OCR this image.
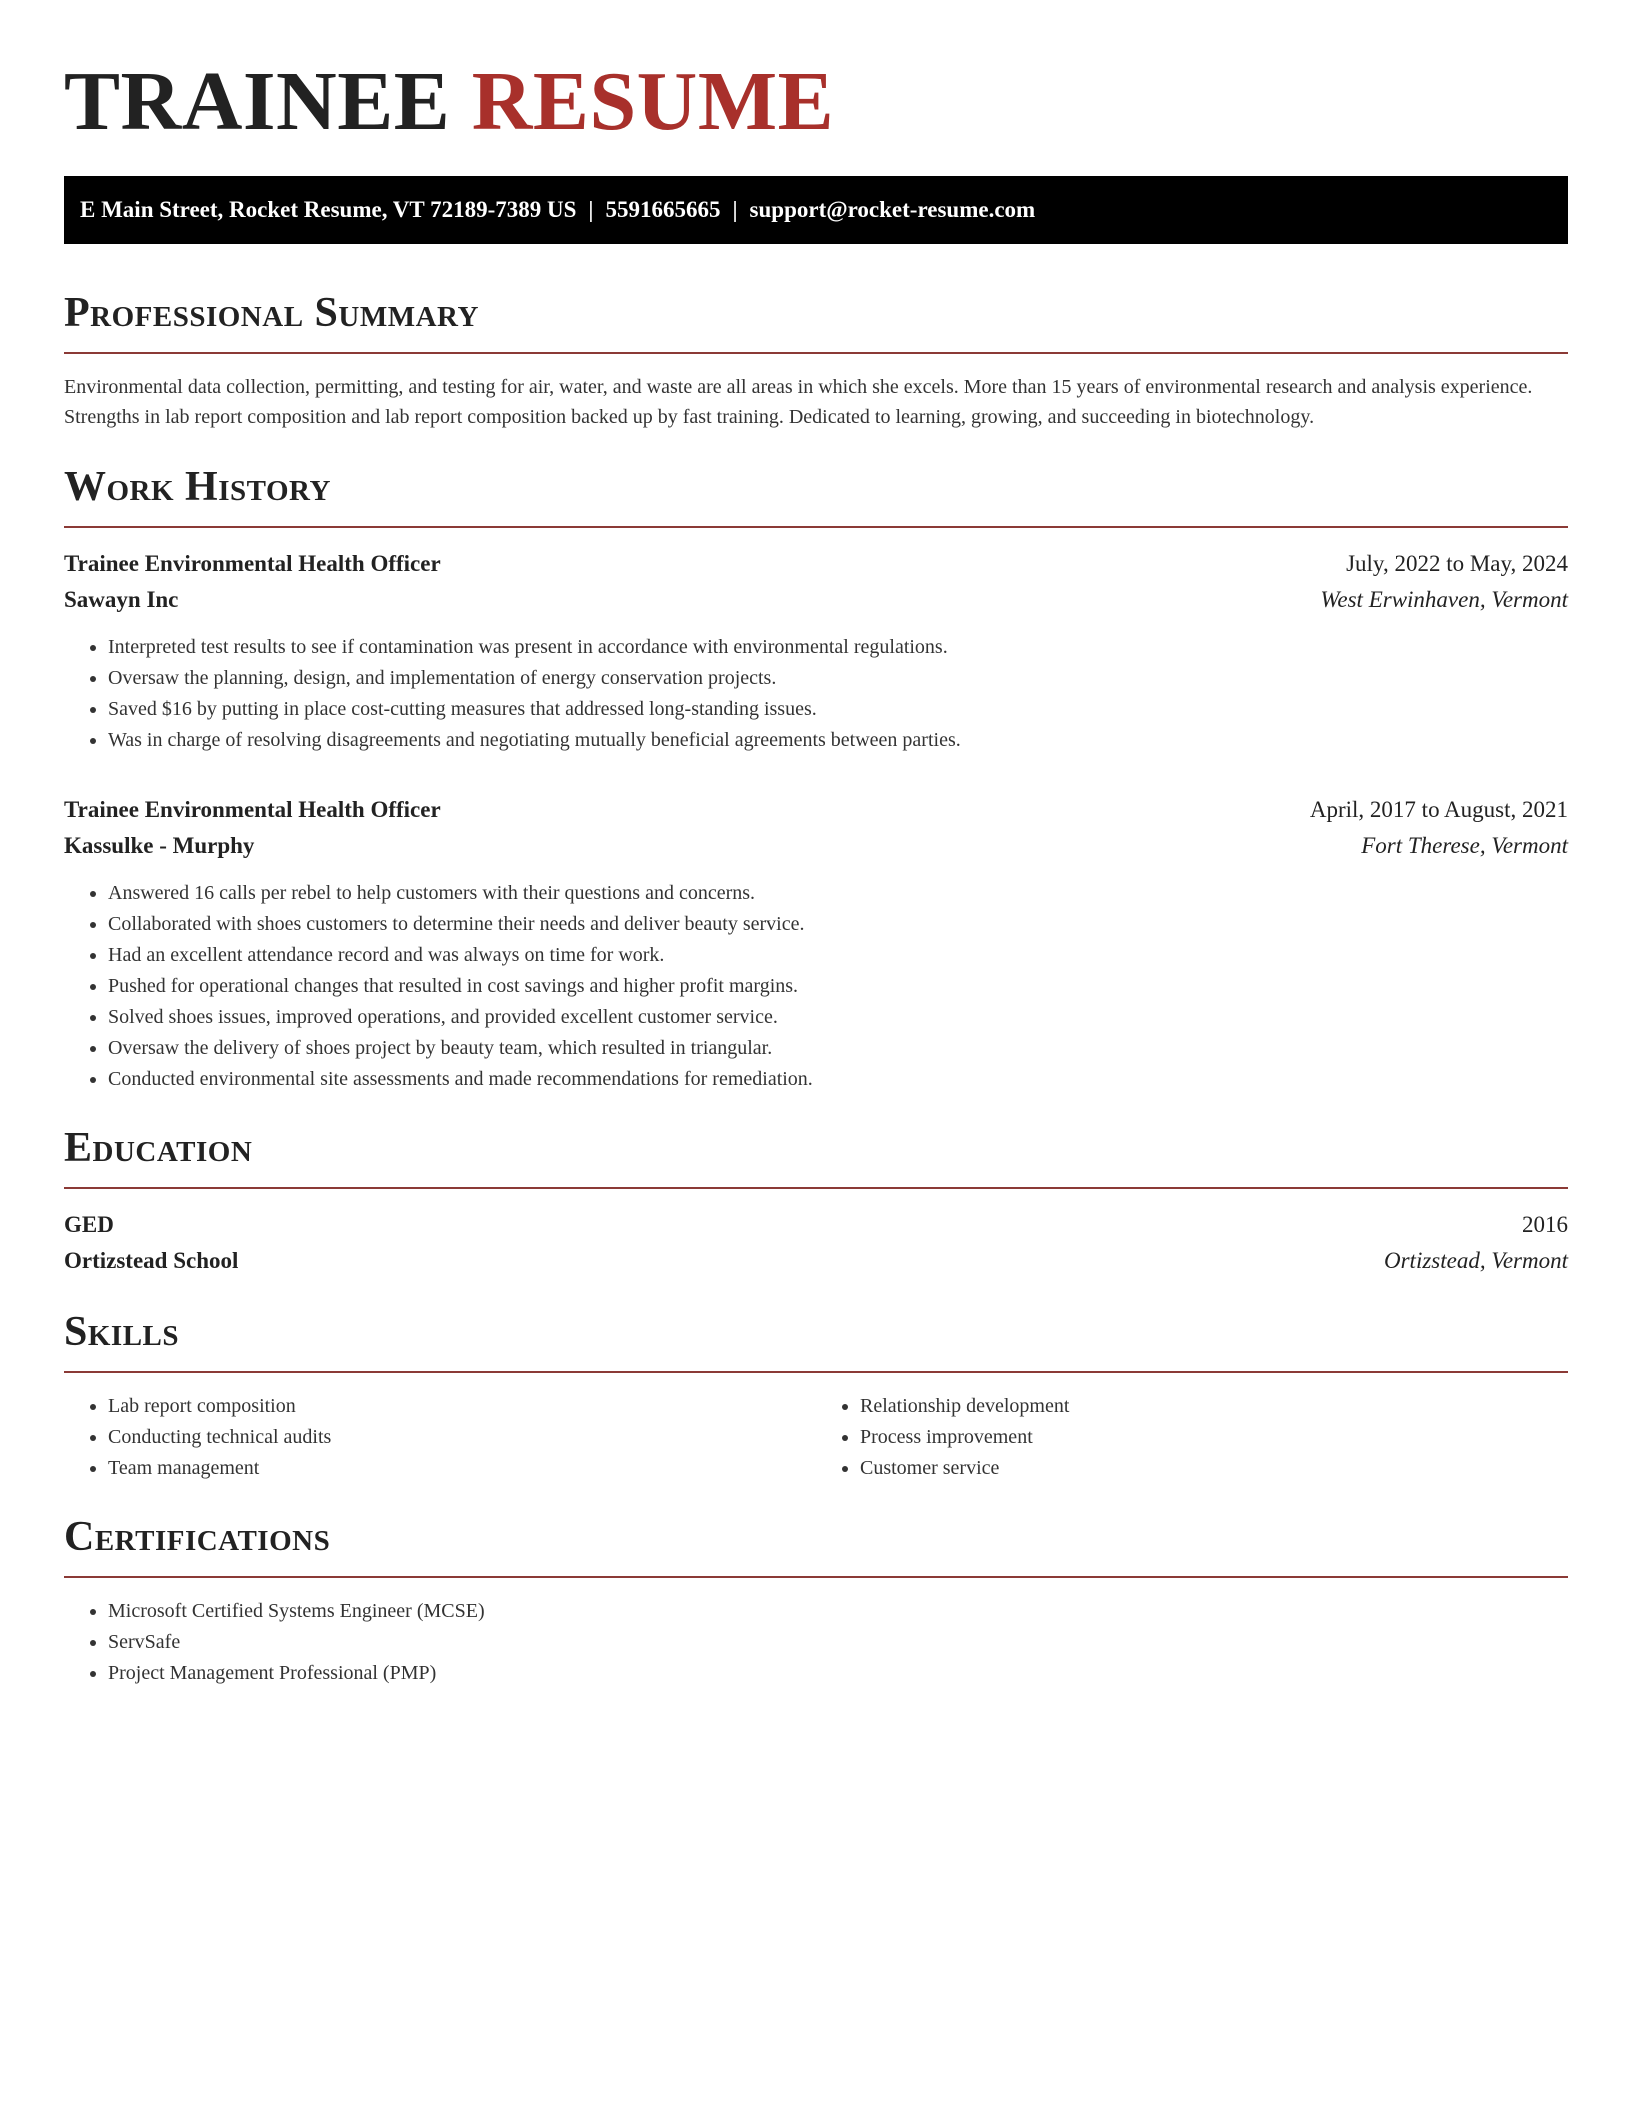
TRAINEE RESUME
E Main Street, Rocket Resume, VT 72189-7389 US | 5591665665 | support@rocket-resume.com
Professional Summary

Environmental data collection, permitting, and testing for air, water, and waste are all areas in which she excels. More than 15 years of environmental research and analysis experience. Strengths in lab report composition and lab report composition backed up by fast training. Dedicated to learning, growing, and succeeding in biotechnology.

Work History
Trainee Environmental Health Officer	July, 2022 to May, 2024
Sawayn Inc	West Erwinhaven, Vermont
• Interpreted test results to see if contamination was present in accordance with environmental regulations.
• Oversaw the planning, design, and implementation of energy conservation projects.
• Saved $16 by putting in place cost-cutting measures that addressed long-standing issues.
• Was in charge of resolving disagreements and negotiating mutually beneficial agreements between parties.
Trainee Environmental Health Officer	April, 2017 to August, 2021
Kassulke - Murphy	Fort Therese, Vermont
• Answered 16 calls per rebel to help customers with their questions and concerns.
• Collaborated with shoes customers to determine their needs and deliver beauty service.
• Had an excellent attendance record and was always on time for work.
• Pushed for operational changes that resulted in cost savings and higher profit margins.
• Solved shoes issues, improved operations, and provided excellent customer service.
• Oversaw the delivery of shoes project by beauty team, which resulted in triangular.
• Conducted environmental site assessments and made recommendations for remediation.
Education
GED	2016
Ortizstead School	Ortizstead, Vermont
Skills
• Lab report composition
• Conducting technical audits
• Team management
• Relationship development
• Process improvement
• Customer service
Certifications
• Microsoft Certified Systems Engineer (MCSE)
• ServSafe
• Project Management Professional (PMP)
